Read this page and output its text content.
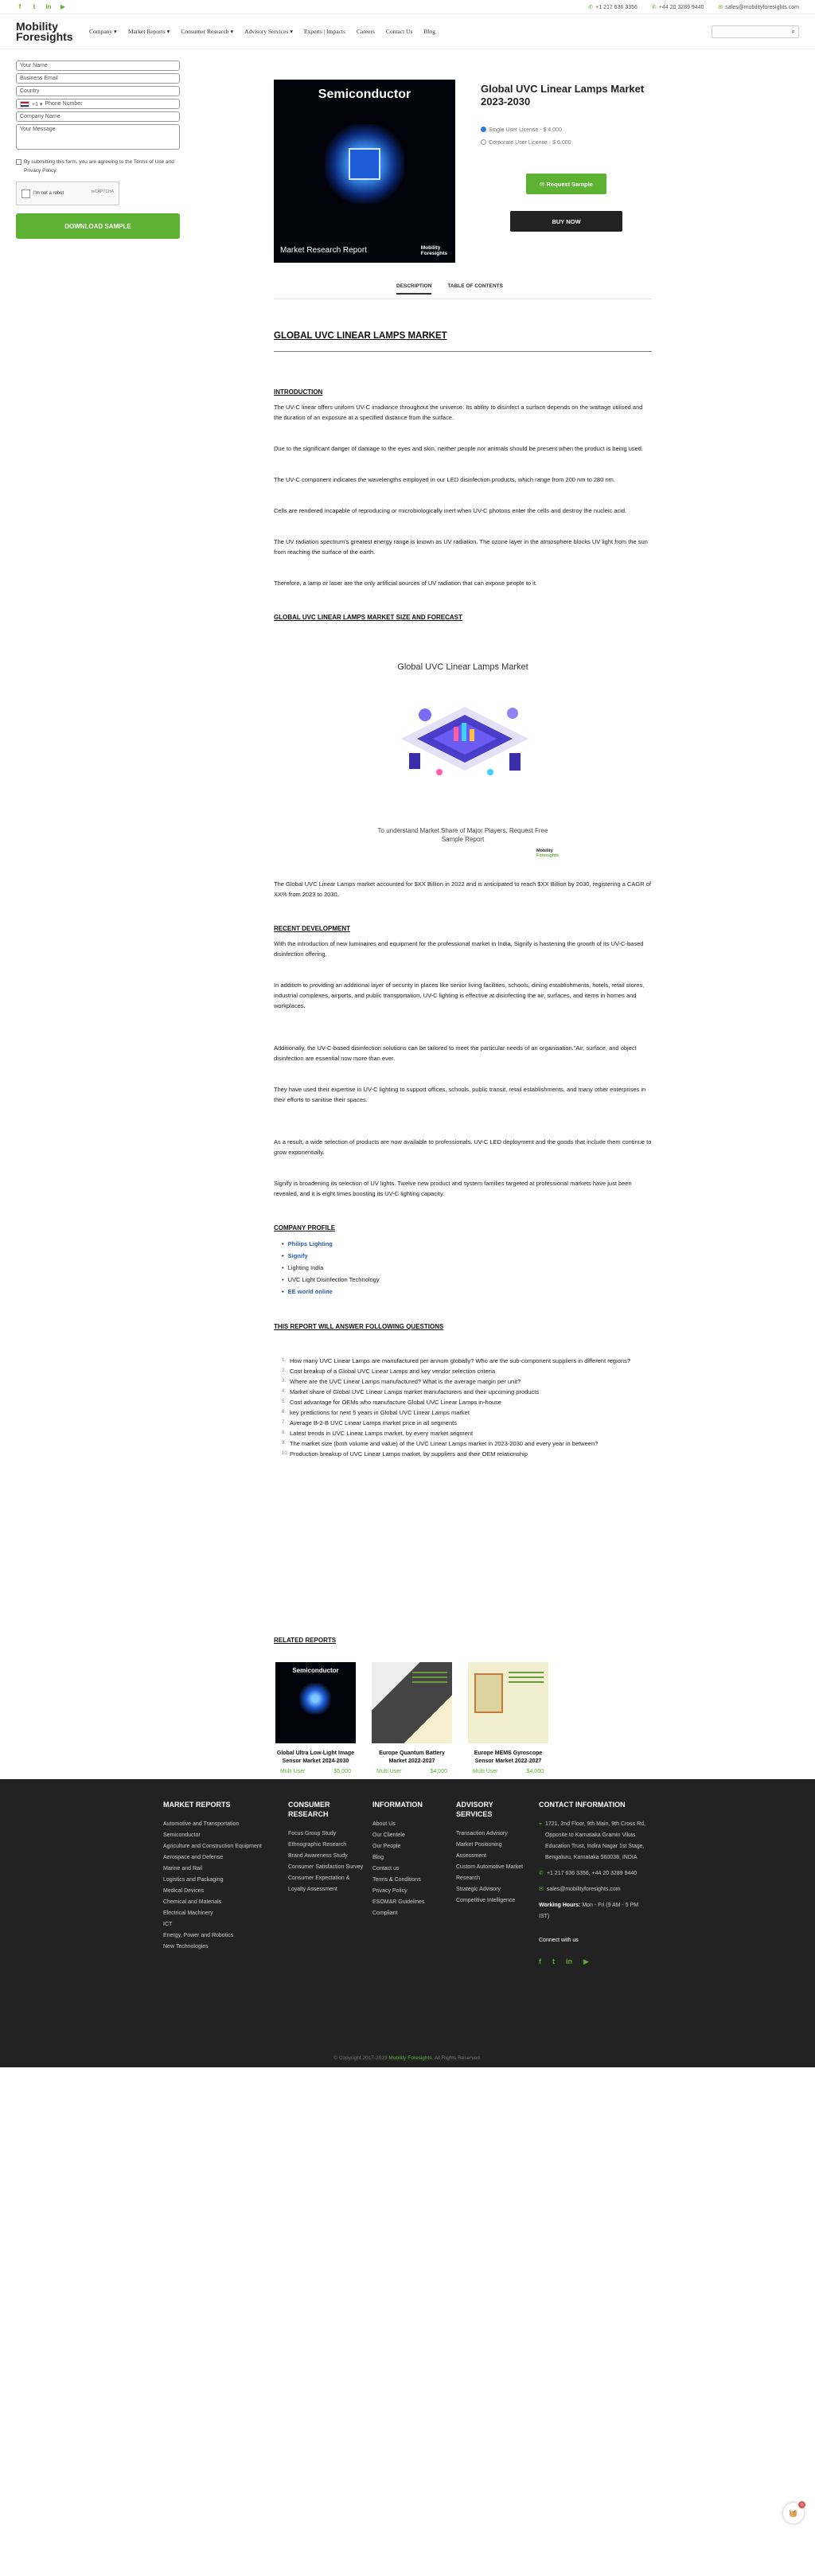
f	t	in ▶	✆ +1 217 636 3356	✆ +44 20 3289 9440	✉ sales@mobilityforesights.com
Mobility
Foresights	Company ▾ Market Reports ▾ Consumer Research ▾ Advisory Services ▾ Experts | Impacts Careers Contact Us Blog	⌕
Your Name
Business Email
Country
+1 ▾ Phone Number
Company Name
Your Message
By submitting this form, you are agreeing to the Terms of Use and Privacy Policy.
I'm not a robot	reCAPTCHA
DOWNLOAD SAMPLE
Semiconductor
Market Research Report	Mobility
Foresights
Global UVC Linear Lamps Market 2023-2030
Single User License - $ 4,000
Corporate User License - $ 6,000
✉ Request Sample
BUY NOW
DESCRIPTION	TABLE OF CONTENTS
GLOBAL UVC LINEAR LAMPS MARKET
INTRODUCTION

The UV-C linear offers uniform UV-C irradiance throughout the universe. Its ability to disinfect a surface depends on the wattage utilised and the duration of an exposure at a specified distance from the surface.

Due to the significant danger of damage to the eyes and skin, neither people nor animals should be present when the product is being used.

The UV-C component indicates the wavelengths employed in our LED disinfection products, which range from 200 nm to 280 nm.

Cells are rendered incapable of reproducing or microbiologically inert when UV-C photons enter the cells and destroy the nucleic acid.

The UV radiation spectrum's greatest energy range is known as UV radiation. The ozone layer in the atmosphere blocks UV light from the sun from reaching the surface of the earth.

Therefore, a lamp or laser are the only artificial sources of UV radiation that can expose people to it.

GLOBAL UVC LINEAR LAMPS MARKET SIZE AND FORECAST
Global UVC Linear Lamps Market
To understand Market Share of Major Players, Request Free
Sample Report
Mobility
Foresights

The Global UVC Linear Lamps market accounted for $XX Billion in 2022 and is anticipated to reach $XX Billion by 2030, registering a CAGR of XX% from 2023 to 2030.

RECENT DEVELOPMENT

With the introduction of new luminaires and equipment for the professional market in India, Signify is hastening the growth of its UV-C-based disinfection offering.

In addition to providing an additional layer of security in places like senior living facilities, schools, dining establishments, hotels, retail stores, industrial complexes, airports, and public transportation, UV-C lighting is effective at disinfecting the air, surfaces, and items in homes and workplaces.

Additionally, the UV-C-based disinfection solutions can be tailored to meet the particular needs of an organisation."Air, surface, and object disinfection are essential now more than ever.

They have used their expertise in UV-C lighting to support offices, schools, public transit, retail establishments, and many other enterprises in their efforts to sanitise their spaces.

As a result, a wide selection of products are now available to professionals. UV-C LED deployment and the goods that include them continue to grow exponentially.

Signify is broadening its selection of UV lights. Twelve new product and system families targeted at professional markets have just been revealed, and it is eight times boosting its UV-C lighting capacity.

COMPANY PROFILE
• Philips Lighting
• Signify
• Lighting India
• UVC Light Disinfection Technology
• EE world online
THIS REPORT WILL ANSWER FOLLOWING QUESTIONS
1. How many UVC Linear Lamps are manufactured per annum globally? Who are the sub-component suppliers in different regions?
2. Cost breakup of a Global UVC Linear Lamps and key vendor selection criteria
3. Where are the UVC Linear Lamps manufactured? What is the average margin per unit?
4. Market share of Global UVC Linear Lamps market manufacturers and their upcoming products
5. Cost advantage for OEMs who manufacture Global UVC Linear Lamps in-house
6. key predictions for next 5 years in Global UVC Linear Lamps market
7. Average B-2-B UVC Linear Lamps market price in all segments
8. Latest trends in UVC Linear Lamps market, by every market segment
9. The market size (both volume and value) of the UVC Linear Lamps market in 2023-2030 and every year in between?
10. Production breakup of UVC Linear Lamps market, by suppliers and their OEM relationship
RELATED REPORTS
Semiconductor
Global Ultra Low-Light Image Sensor Market 2024-2030
Multi User	$5,000
Europe Quantum Battery Market 2022-2027
Multi User	$4,000
Europe MEMS Gyroscope Sensor Market 2022-2027
Multi User	$4,000
MARKET REPORTS
Automotive and Transportation
Semiconductor
Agriculture and Construction Equipment
Aerospace and Defense
Marine and Rail
Logistics and Packaging
Medical Devices
Chemical and Materials
Electrical Machinery
ICT
Energy, Power and Robotics
New Technologies
CONSUMER RESEARCH
Focus Group Study
Ethnographic Research
Brand Awareness Study
Consumer Satisfaction Survey
Consumer Expectation & Loyalty Assessment
INFORMATION
About Us
Our Clientele
Our People
Blog
Contact us
Terms & Conditions
Privacy Policy
ESOMAR Guidelines Compliant
ADVISORY SERVICES
Transaction Advisory
Market Positioning Assessment
Custom Automotive Market Research
Strategic Advisory
Competitive Intelligence
CONTACT INFORMATION
⌖ 1721, 2nd Floor, 9th Main, 9th Cross Rd, Opposite to Karnataka Gramin Vikas Education Trust, Indira Nagar 1st Stage, Bengaluru, Karnataka 560038, INDIA
✆ +1 217 636 3356, +44 20 3289 9440
✉ sales@mobilityforesights.com
Working Hours: Mon - Fri (9 AM - 5 PM IST)
Connect with us
f t in ▶
© Copyright 2017-2023 Mobility Foresights. All Rights Reserved.
🧺
0
